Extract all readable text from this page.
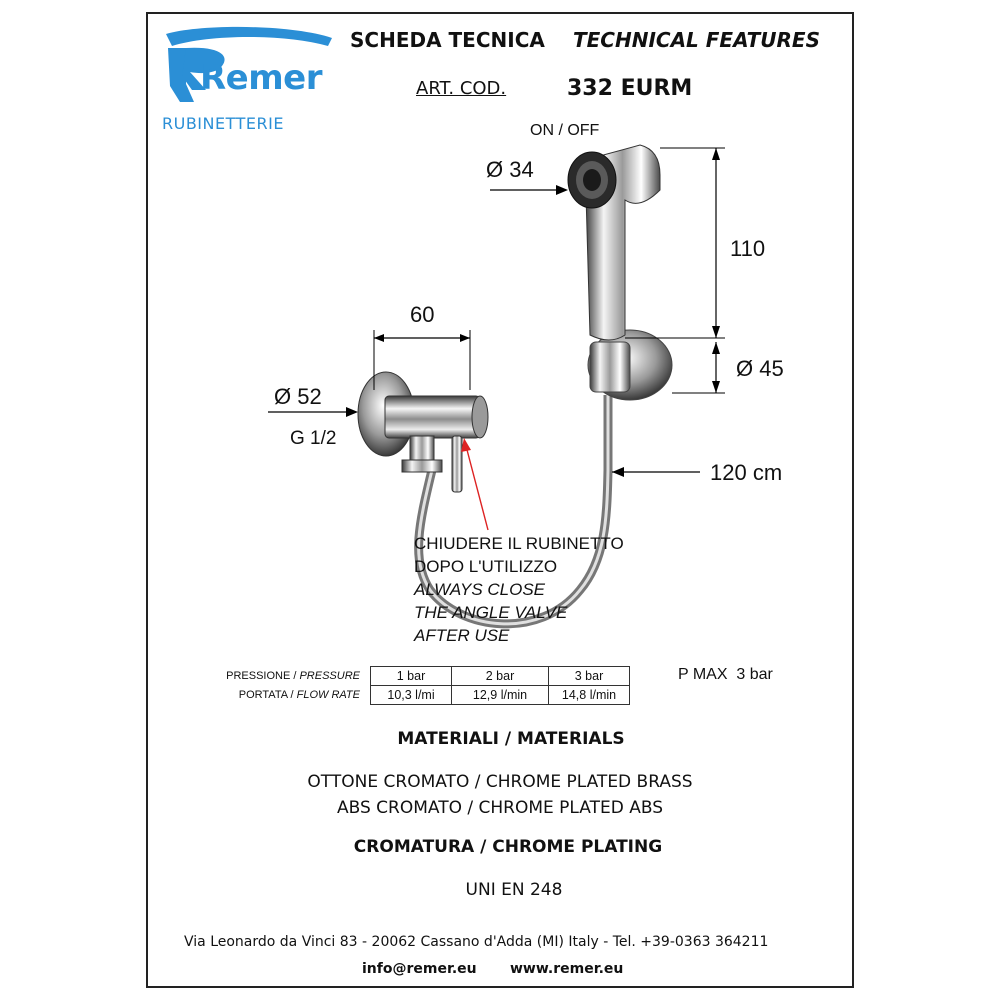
Remer
RUBINETTERIE
SCHEDA TECNICA TECHNICAL FEATURES
ART. COD.	332 EURM
ON / OFF
Ø 34
110
Ø 45
120 cm
60
Ø 52
G 1/2
CHIUDERE IL RUBINETTO
DOPO L'UTILIZZO
ALWAYS CLOSE
THE ANGLE VALVE
AFTER USE
PRESSIONE / PRESSURE	1 bar	2 bar	3 bar
PORTATA / FLOW RATE	10,3 l/mi	12,9 l/min	14,8 l/min
P MAX  3 bar
MATERIALI / MATERIALS
OTTONE CROMATO / CHROME PLATED BRASS
ABS CROMATO / CHROME PLATED ABS
CROMATURA / CHROME PLATING
UNI EN 248
Via Leonardo da Vinci 83 - 20062 Cassano d'Adda (MI) Italy - Tel. +39-0363 364211
info@remer.eu www.remer.eu
